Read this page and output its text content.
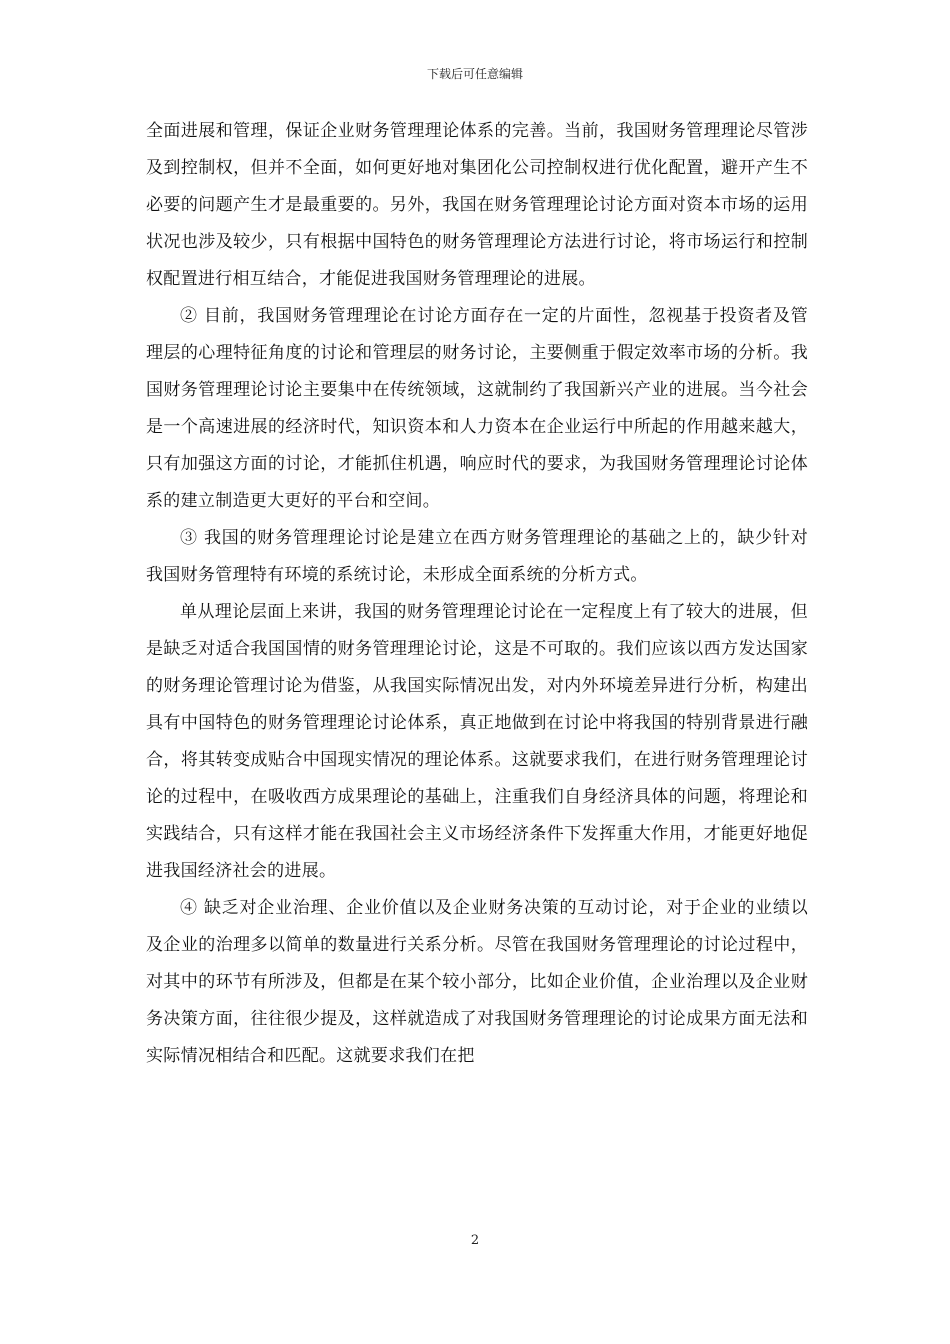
下载后可任意编辑

全面进展和管理，保证企业财务管理理论体系的完善。当前，我国财务管理理论尽管涉及到控制权，但并不全面，如何更好地对集团化公司控制权进行优化配置，避开产生不必要的问题产生才是最重要的。另外，我国在财务管理理论讨论方面对资本市场的运用状况也涉及较少，只有根据中国特色的财务管理理论方法进行讨论，将市场运行和控制权配置进行相互结合，才能促进我国财务管理理论的进展。

② 目前，我国财务管理理论在讨论方面存在一定的片面性，忽视基于投资者及管理层的心理特征角度的讨论和管理层的财务讨论，主要侧重于假定效率市场的分析。我国财务管理理论讨论主要集中在传统领域，这就制约了我国新兴产业的进展。当今社会是一个高速进展的经济时代，知识资本和人力资本在企业运行中所起的作用越来越大，只有加强这方面的讨论，才能抓住机遇，响应时代的要求，为我国财务管理理论讨论体系的建立制造更大更好的平台和空间。

③ 我国的财务管理理论讨论是建立在西方财务管理理论的基础之上的，缺少针对我国财务管理特有环境的系统讨论，未形成全面系统的分析方式。

单从理论层面上来讲，我国的财务管理理论讨论在一定程度上有了较大的进展，但是缺乏对适合我国国情的财务管理理论讨论，这是不可取的。我们应该以西方发达国家的财务理论管理讨论为借鉴，从我国实际情况出发，对内外环境差异进行分析，构建出具有中国特色的财务管理理论讨论体系，真正地做到在讨论中将我国的特别背景进行融合，将其转变成贴合中国现实情况的理论体系。这就要求我们，在进行财务管理理论讨论的过程中，在吸收西方成果理论的基础上，注重我们自身经济具体的问题，将理论和实践结合，只有这样才能在我国社会主义市场经济条件下发挥重大作用，才能更好地促进我国经济社会的进展。

④ 缺乏对企业治理、企业价值以及企业财务决策的互动讨论，对于企业的业绩以及企业的治理多以简单的数量进行关系分析。尽管在我国财务管理理论的讨论过程中，对其中的环节有所涉及，但都是在某个较小部分，比如企业价值，企业治理以及企业财务决策方面，往往很少提及，这样就造成了对我国财务管理理论的讨论成果方面无法和实际情况相结合和匹配。这就要求我们在把

2
